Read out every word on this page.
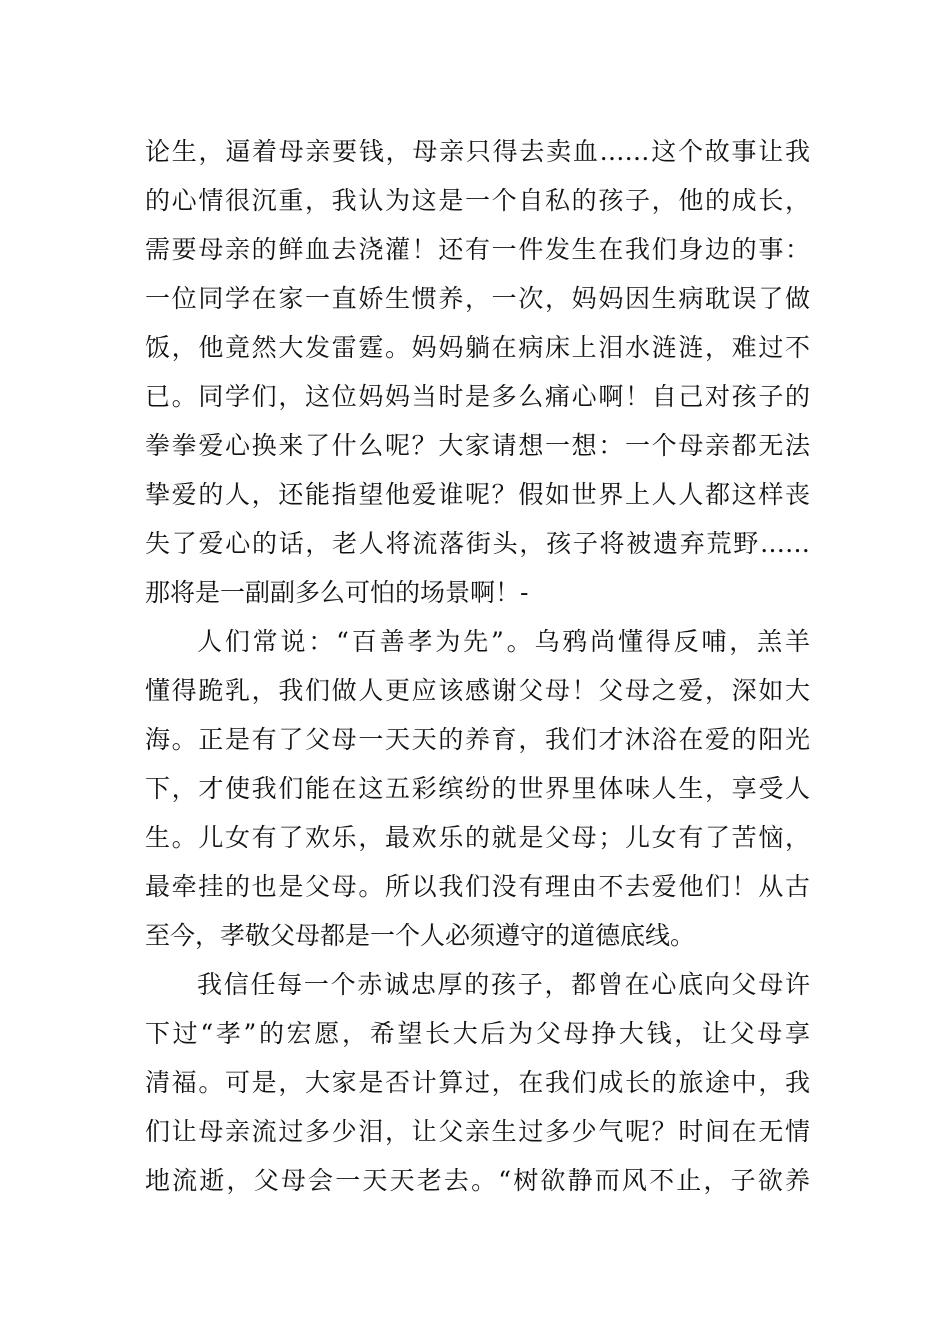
论生，逼着母亲要钱，母亲只得去卖血……这个故事让我
的心情很沉重，我认为这是一个自私的孩子，他的成长，
需要母亲的鲜血去浇灌！还有一件发生在我们身边的事：
一位同学在家一直娇生惯养，一次，妈妈因生病耽误了做
饭，他竟然大发雷霆。妈妈躺在病床上泪水涟涟，难过不
已。同学们，这位妈妈当时是多么痛心啊！自己对孩子的
拳拳爱心换来了什么呢？大家请想一想：一个母亲都无法
挚爱的人，还能指望他爱谁呢？假如世界上人人都这样丧
失了爱心的话，老人将流落街头，孩子将被遗弃荒野……
那将是一副副多么可怕的场景啊！-
人们常说：“百善孝为先”。乌鸦尚懂得反哺，羔羊
懂得跪乳，我们做人更应该感谢父母！父母之爱，深如大
海。正是有了父母一天天的养育，我们才沐浴在爱的阳光
下，才使我们能在这五彩缤纷的世界里体味人生，享受人
生。儿女有了欢乐，最欢乐的就是父母；儿女有了苦恼，
最牵挂的也是父母。所以我们没有理由不去爱他们！从古
至今，孝敬父母都是一个人必须遵守的道德底线。
我信任每一个赤诚忠厚的孩子，都曾在心底向父母许
下过“孝”的宏愿，希望长大后为父母挣大钱，让父母享
清福。可是，大家是否计算过，在我们成长的旅途中，我
们让母亲流过多少泪，让父亲生过多少气呢？时间在无情
地流逝，父母会一天天老去。“树欲静而风不止，子欲养
